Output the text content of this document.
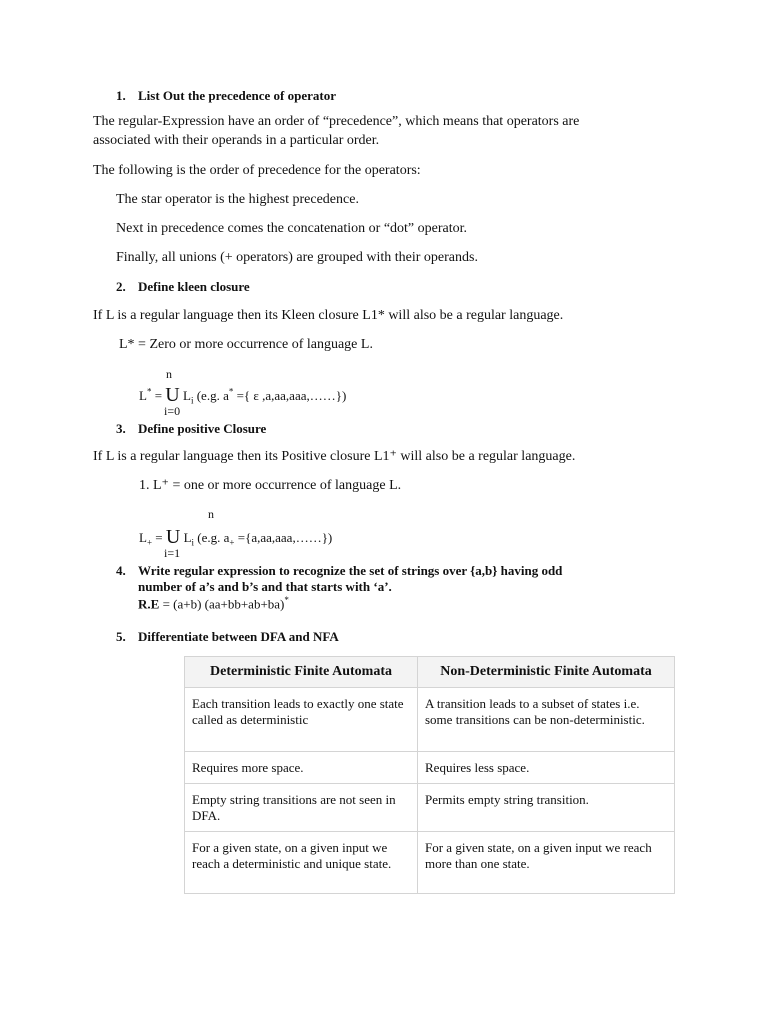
1. List Out the precedence of operator
The regular-Expression have an order of “precedence”, which means that operators are
associated with their operands in a particular order.
The following is the order of precedence for the operators:
The star operator is the highest precedence.
Next in precedence comes the concatenation or “dot” operator.
Finally, all unions (+ operators) are grouped with their operands.
2. Define kleen closure
If L is a regular language then its Kleen closure L1* will also be a regular language.
L* = Zero or more occurrence of language L.
n
L* = U $L_i$ (e.g. a* ={ ε ,a,aa,aaa,……})
i=0
3. Define positive Closure
If L is a regular language then its Positive closure L1⁺ will also be a regular language.
1. L⁺ = one or more occurrence of language L.
n
$L_+ = U$ $L_i$ (e.g. $a_+$ ={a,aa,aaa,……})
i=1
4. Write regular expression to recognize the set of strings over {a,b} having odd
number of a’s and b’s and that starts with ‘a’.
R.E = (a+b) (aa+bb+ab+ba)*
5. Differentiate between DFA and NFA
Deterministic Finite Automata	Non-Deterministic Finite Automata
Each transition leads to exactly one state called as deterministic	A transition leads to a subset of states i.e. some transitions can be non-deterministic.
Requires more space.	Requires less space.
Empty string transitions are not seen in DFA.	Permits empty string transition.
For a given state, on a given input we reach a deterministic and unique state.	For a given state, on a given input we reach more than one state.
